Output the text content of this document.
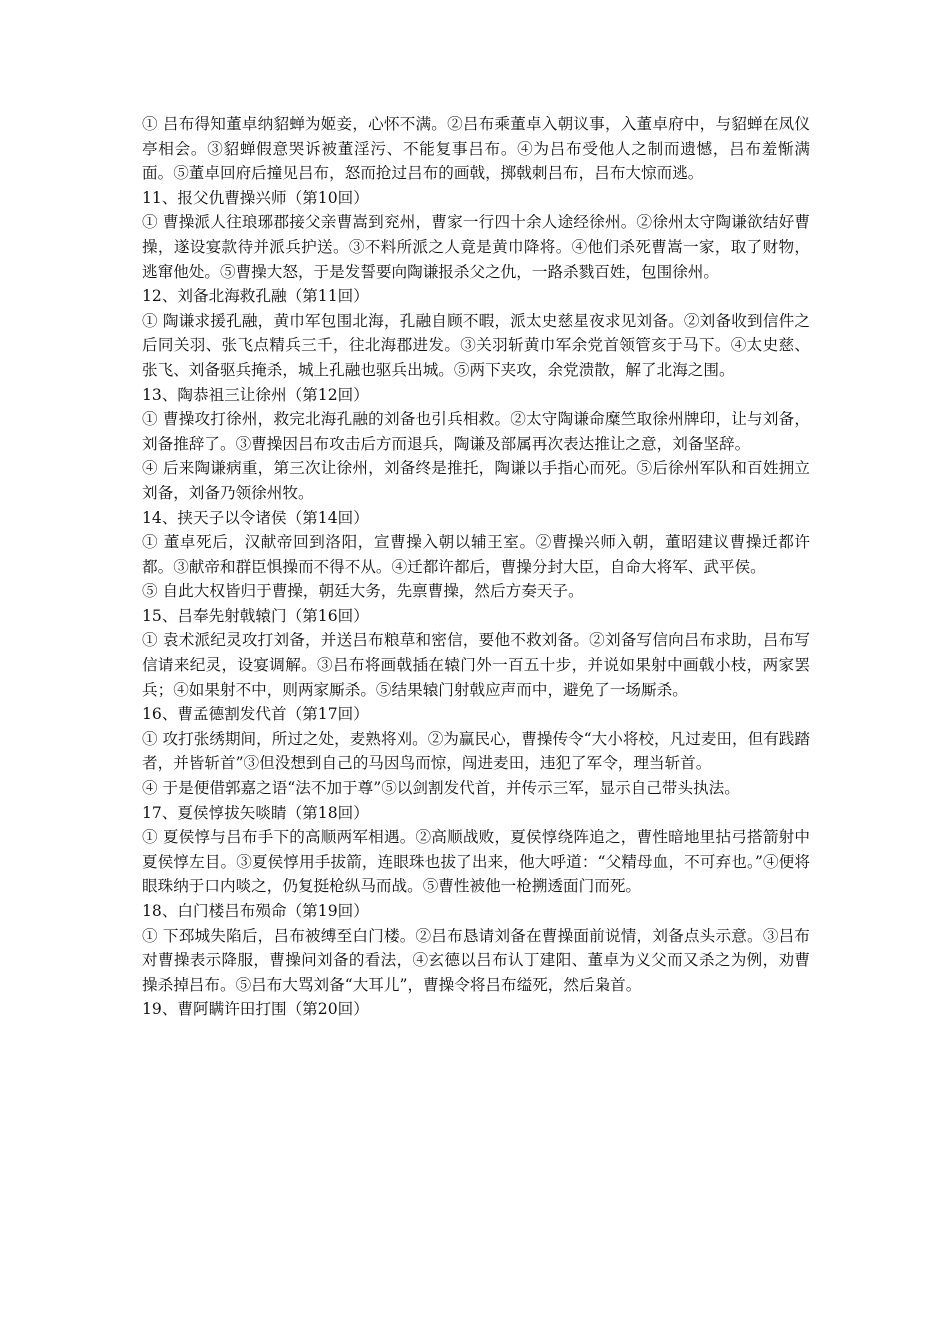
① 吕布得知董卓纳貂蝉为姬妾，心怀不满。②吕布乘董卓入朝议事，入董卓府中，与貂蝉在凤仪亭相会。③貂蝉假意哭诉被董淫污、不能复事吕布。④为吕布受他人之制而遗憾，吕布羞惭满面。⑤董卓回府后撞见吕布，怒而抢过吕布的画戟，掷戟刺吕布，吕布大惊而逃。

11、报父仇曹操兴师（第10回）

① 曹操派人往琅琊郡接父亲曹嵩到兖州，曹家一行四十余人途经徐州。②徐州太守陶谦欲结好曹操，遂设宴款待并派兵护送。③不料所派之人竟是黄巾降将。④他们杀死曹嵩一家，取了财物，逃窜他处。⑤曹操大怒，于是发誓要向陶谦报杀父之仇，一路杀戮百姓，包围徐州。

12、刘备北海救孔融（第11回）

① 陶谦求援孔融，黄巾军包围北海，孔融自顾不暇，派太史慈星夜求见刘备。②刘备收到信件之后同关羽、张飞点精兵三千，往北海郡进发。③关羽斩黄巾军余党首领管亥于马下。④太史慈、张飞、刘备驱兵掩杀，城上孔融也驱兵出城。⑤两下夹攻，余党溃散，解了北海之围。

13、陶恭祖三让徐州（第12回）

① 曹操攻打徐州，救完北海孔融的刘备也引兵相救。②太守陶谦命糜竺取徐州牌印，让与刘备，刘备推辞了。③曹操因吕布攻击后方而退兵，陶谦及部属再次表达推让之意，刘备坚辞。

④ 后来陶谦病重，第三次让徐州，刘备终是推托，陶谦以手指心而死。⑤后徐州军队和百姓拥立刘备，刘备乃领徐州牧。

14、挟天子以令诸侯（第14回）

① 董卓死后，汉献帝回到洛阳，宣曹操入朝以辅王室。②曹操兴师入朝，董昭建议曹操迁都许都。③献帝和群臣惧操而不得不从。④迁都许都后，曹操分封大臣，自命大将军、武平侯。

⑤ 自此大权皆归于曹操，朝廷大务，先禀曹操，然后方奏天子。

15、吕奉先射戟辕门（第16回）

① 袁术派纪灵攻打刘备，并送吕布粮草和密信，要他不救刘备。②刘备写信向吕布求助，吕布写信请来纪灵，设宴调解。③吕布将画戟插在辕门外一百五十步，并说如果射中画戟小枝，两家罢兵；④如果射不中，则两家厮杀。⑤结果辕门射戟应声而中，避免了一场厮杀。

16、曹孟德割发代首（第17回）

① 攻打张绣期间，所过之处，麦熟将刈。②为赢民心，曹操传令“大小将校，凡过麦田，但有践踏者，并皆斩首”③但没想到自己的马因鸟而惊，闯进麦田，违犯了军令，理当斩首。

④ 于是便借郭嘉之语“法不加于尊”⑤以剑割发代首，并传示三军，显示自己带头执法。

17、夏侯惇拔矢啖睛（第18回）

① 夏侯惇与吕布手下的高顺两军相遇。②高顺战败，夏侯惇绕阵追之，曹性暗地里拈弓搭箭射中夏侯惇左目。③夏侯惇用手拔箭，连眼珠也拔了出来，他大呼道：“父精母血，不可弃也。”④便将眼珠纳于口内啖之，仍复挺枪纵马而战。⑤曹性被他一枪搠透面门而死。

18、白门楼吕布殒命（第19回）

① 下邳城失陷后，吕布被缚至白门楼。②吕布恳请刘备在曹操面前说情，刘备点头示意。③吕布对曹操表示降服，曹操问刘备的看法，④玄德以吕布认丁建阳、董卓为义父而又杀之为例，劝曹操杀掉吕布。⑤吕布大骂刘备“大耳儿”，曹操令将吕布缢死，然后枭首。

19、曹阿瞒许田打围（第20回）
